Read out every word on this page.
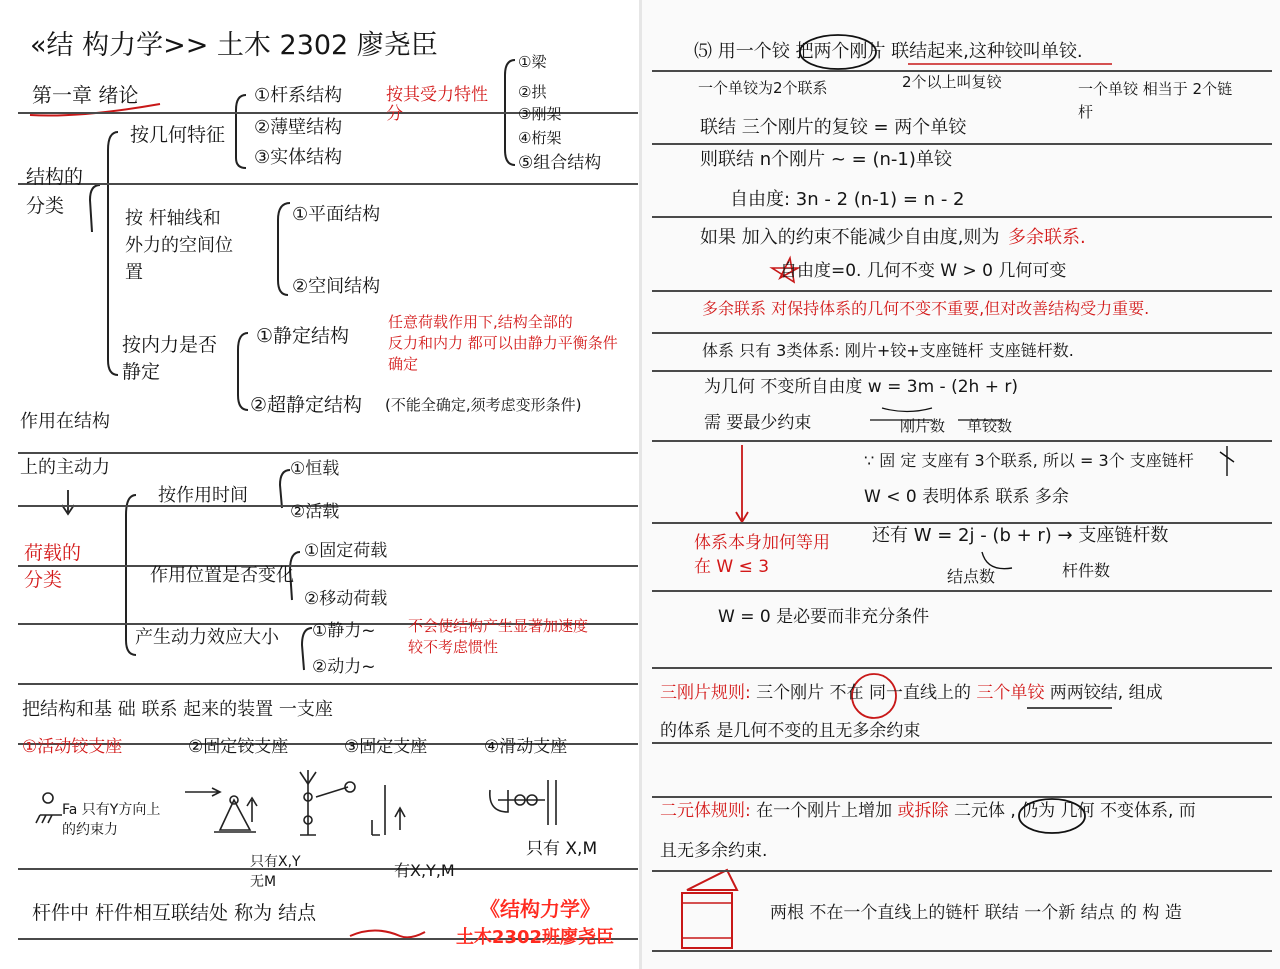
«结 构力学>> 土木 2302 廖尧臣
第一章 绪论
结构的
分类
按几何特征
①杆系结构
②薄壁结构
③实体结构
按其受力特性
分
①梁
②拱
③刚架
④桁架
⑤组合结构
按 杆轴线和
外力的空间位
置
①平面结构
②空间结构
按内力是否
静定
①静定结构
②超静定结构
任意荷载作用下,结构全部的
反力和内力 都可以由静力平衡条件
确定
(不能全确定,须考虑变形条件)
作用在结构
上的主动力
荷载的
分类
按作用时间
①恒载
②活载
作用位置是否变化
①固定荷载
②移动荷载
产生动力效应大小 ①静力~
②动力~
不会使结构产生显著加速度
较不考虑惯性
把结构和基 础 联系 起来的装置 一支座
①活动铰支座	②固定铰支座	③固定支座	④滑动支座
Fa 只有Y方向上
的约束力
只有X,Y
无M
有X,Y,M
只有 X,M
杆件中 杆件相互联结处 称为 结点	《结构力学》
土木2302班廖尧臣
⑸ 用一个铰 把两个刚片 联结起来,这种铰叫单铰.
一个单铰为2个联系	2个以上叫复铰	一个单铰 相当于 2个链
杆
联结 三个刚片的复铰 = 两个单铰
则联结 n个刚片 ~ = (n-1)单铰
自由度: 3n - 2 (n-1) = n - 2
如果 加入的约束不能减少自由度,则为 多余联系.
自由度=0. 几何不变 W > 0 几何可变
多余联系 对保持体系的几何不变不重要,但对改善结构受力重要.
体系 只有 3类体系: 刚片+铰+支座链杆 支座链杆数.
为几何 不变所自由度 w = 3m - (2h + r)
需 要最少约束	刚片数 单铰数
∵ 固 定 支座有 3个联系, 所以 = 3个 支座链杆
W < 0 表明体系 联系 多余
体系本身加何等用
在 W ≤ 3
还有 W = 2j - (b + r) → 支座链杆数
结点数	杆件数
W = 0 是必要而非充分条件
三刚片规则: 三个刚片 不在 同一直线上的 三个单铰 两两铰结, 组成
的体系 是几何不变的且无多余约束
二元体规则: 在一个刚片上增加 或拆除 二元体 , 仍为 几何 不变体系, 而
且无多余约束.
两根 不在一个直线上的链杆 联结 一个新 结点 的 构 造
